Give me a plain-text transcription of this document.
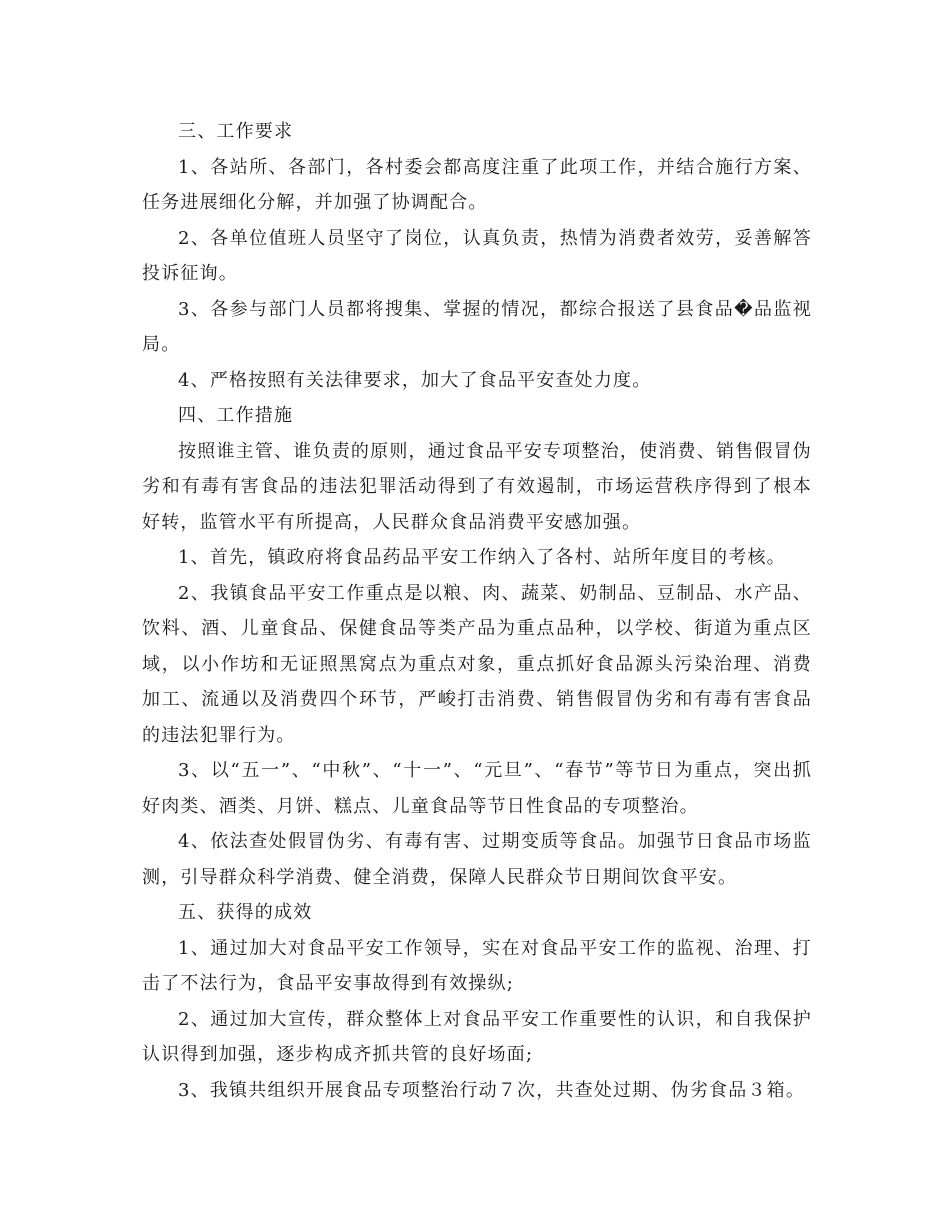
三、工作要求

1、各站所、各部门，各村委会都高度注重了此项工作，并结合施行方案、任务进展细化分解，并加强了协调配合。

2、各单位值班人员坚守了岗位，认真负责，热情为消费者效劳，妥善解答投诉征询。

3、各参与部门人员都将搜集、掌握的情况，都综合报送了县食品�品监视局。

4、严格按照有关法律要求，加大了食品平安查处力度。

四、工作措施

按照谁主管、谁负责的原则，通过食品平安专项整治，使消费、销售假冒伪劣和有毒有害食品的违法犯罪活动得到了有效遏制，市场运营秩序得到了根本好转，监管水平有所提高，人民群众食品消费平安感加强。

1、首先，镇政府将食品药品平安工作纳入了各村、站所年度目的考核。

2、我镇食品平安工作重点是以粮、肉、蔬菜、奶制品、豆制品、水产品、饮料、酒、儿童食品、保健食品等类产品为重点品种，以学校、街道为重点区域，以小作坊和无证照黑窝点为重点对象，重点抓好食品源头污染治理、消费加工、流通以及消费四个环节，严峻打击消费、销售假冒伪劣和有毒有害食品的违法犯罪行为。

3、以“五一”、“中秋”、“十一”、“元旦”、“春节”等节日为重点，突出抓好肉类、酒类、月饼、糕点、儿童食品等节日性食品的专项整治。

4、依法查处假冒伪劣、有毒有害、过期变质等食品。加强节日食品市场监测，引导群众科学消费、健全消费，保障人民群众节日期间饮食平安。

五、获得的成效

1、通过加大对食品平安工作领导，实在对食品平安工作的监视、治理、打击了不法行为，食品平安事故得到有效操纵;

2、通过加大宣传，群众整体上对食品平安工作重要性的认识，和自我保护认识得到加强，逐步构成齐抓共管的良好场面;

3、我镇共组织开展食品专项整治行动７次，共查处过期、伪劣食品３箱。
